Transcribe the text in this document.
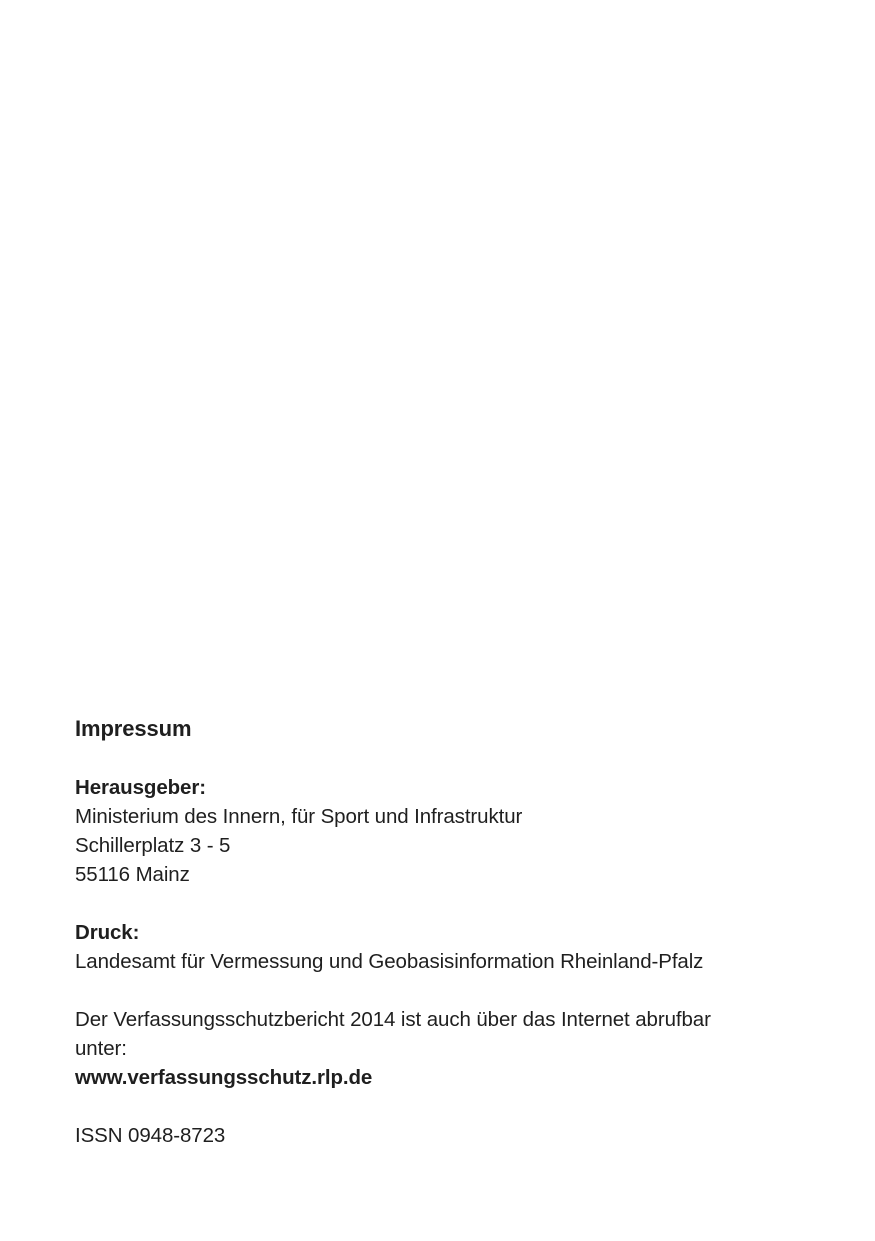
Impressum

Herausgeber:

Ministerium des Innern, für Sport und Infrastruktur

Schillerplatz 3 - 5

55116 Mainz

Druck:

Landesamt für Vermessung und Geobasisinformation Rheinland-Pfalz

Der Verfassungsschutzbericht 2014 ist auch über das Internet abrufbar

unter:

www.verfassungsschutz.rlp.de

ISSN 0948-8723
